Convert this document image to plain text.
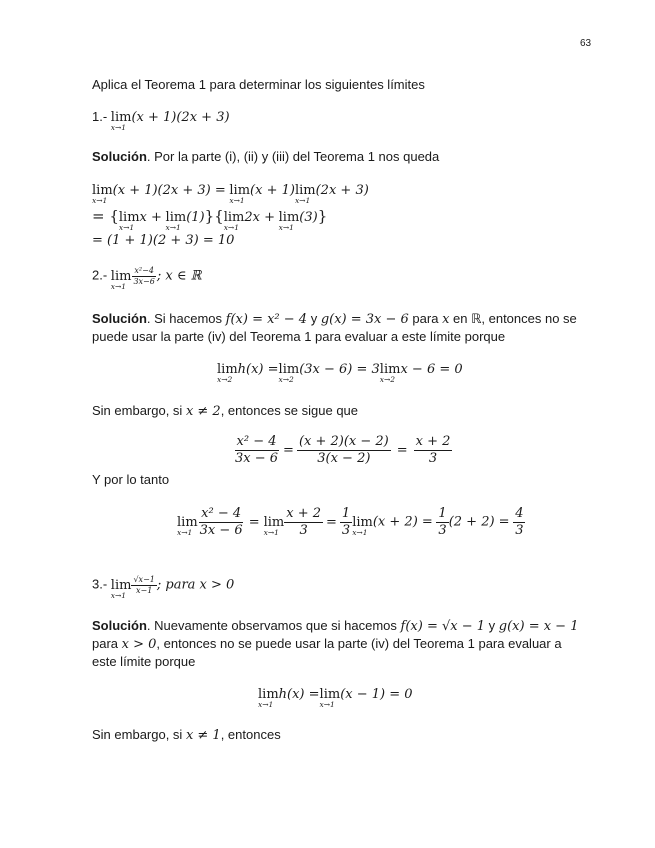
63
Aplica el Teorema 1 para determinar los siguientes límites
1.- lim
x→1
(x + 1)(2x + 3)
Solución. Por la parte (i), (ii) y (iii) del Teorema 1 nos queda
lim
x→1
(x + 1)(2x + 3) = lim
x→1
(x + 1)lim
x→1
(2x + 3)
= {lim
x→1
x + lim
x→1
(1)}{lim
x→1
2x + lim
x→1
(3)}
= (1 + 1)(2 + 3) = 10
2.- lim
$x\to 1 \frac{\text{x²−4}}{3x-6}$ ; x ∈ ℝ
Solución. Si hacemos f(x) = x² − 4 y g(x) = 3x − 6 para x en ℝ, entonces no se
puede usar la parte (iv) del Teorema 1 para evaluar a este límite porque
lim
x→2
h(x) =lim
x→2
(3x − 6) = 3lim
x→2
x − 6 = 0
Sin embargo, si x ≠ 2, entonces se sigue que
$\frac{\text{x² − 4}}{3x - 6} = \frac{(x + 2)(x - 2)}{3(x - 2)} = \frac{x + 2}{3}$
Y por lo tanto
lim
$x\to 1 \frac{\text{x² − 4}}{3x - 6} = \lim$
$x\to 1 \frac{x + 2}{3} = \frac{1}{3}$ lim
x→1
$(x + 2) = \frac{1}{3} (2 + 2) = \frac{4}{3}$
3.- lim
$x\to 1 \frac{√x-1}{x-1}$ ; para x > 0
Solución. Nuevamente observamos que si hacemos f(x) = √x − 1 y g(x) = x − 1
para x > 0, entonces no se puede usar la parte (iv) del Teorema 1 para evaluar a
este límite porque
lim
x→1
h(x) =lim
x→1
(x − 1) = 0
Sin embargo, si x ≠ 1, entonces
